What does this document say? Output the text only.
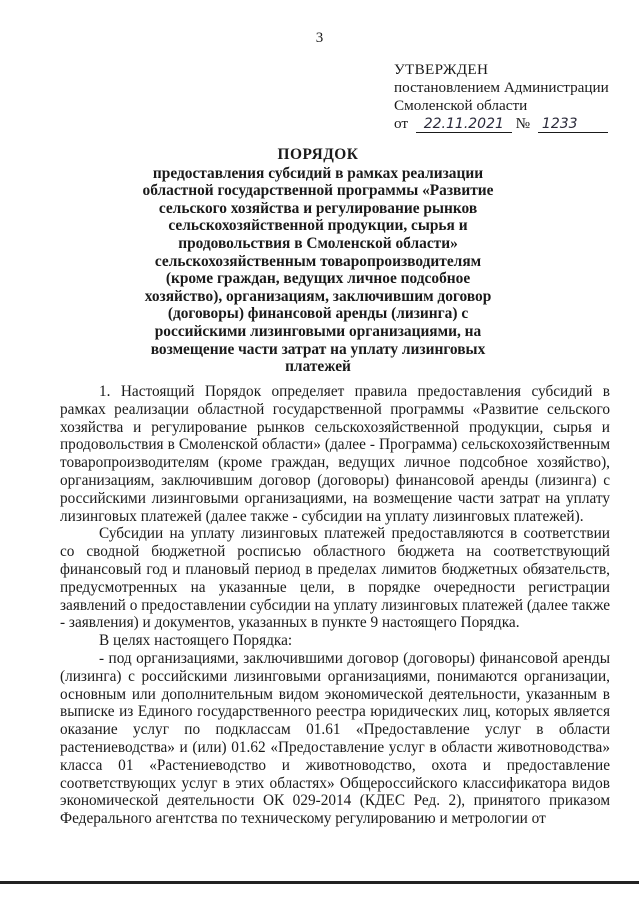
3
УТВЕРЖДЕН
постановлением Администрации
Смоленской области
от 22.11.2021 № 1233
ПОРЯДОК
предоставления субсидий в рамках реализации
областной государственной программы «Развитие
сельского хозяйства и регулирование рынков
сельскохозяйственной продукции, сырья и
продовольствия в Смоленской области»
сельскохозяйственным товаропроизводителям
(кроме граждан, ведущих личное подсобное
хозяйство), организациям, заключившим договор
(договоры) финансовой аренды (лизинга) с
российскими лизинговыми организациями, на
возмещение части затрат на уплату лизинговых
платежей

1. Настоящий Порядок определяет правила предоставления субсидий в рамках реализации областной государственной программы «Развитие сельского хозяйства и регулирование рынков сельскохозяйственной продукции, сырья и продовольствия в Смоленской области» (далее - Программа) сельскохозяйственным товаропроизводителям (кроме граждан, ведущих личное подсобное хозяйство), организациям, заключившим договор (договоры) финансовой аренды (лизинга) с российскими лизинговыми организациями, на возмещение части затрат на уплату лизинговых платежей (далее также - субсидии на уплату лизинговых платежей).

Субсидии на уплату лизинговых платежей предоставляются в соответствии со сводной бюджетной росписью областного бюджета на соответствующий финансовый год и плановый период в пределах лимитов бюджетных обязательств, предусмотренных на указанные цели, в порядке очередности регистрации заявлений о предоставлении субсидии на уплату лизинговых платежей (далее также - заявления) и документов, указанных в пункте 9 настоящего Порядка.

В целях настоящего Порядка:

- под организациями, заключившими договор (договоры) финансовой аренды (лизинга) с российскими лизинговыми организациями, понимаются организации, основным или дополнительным видом экономической деятельности, указанным в выписке из Единого государственного реестра юридических лиц, которых является оказание услуг по подклассам 01.61 «Предоставление услуг в области растениеводства» и (или) 01.62 «Предоставление услуг в области животноводства» класса 01 «Растениеводство и животноводство, охота и предоставление соответствующих услуг в этих областях» Общероссийского классификатора видов экономической деятельности ОК 029-2014 (КДЕС Ред. 2), принятого приказом Федерального агентства по техническому регулированию и метрологии от
